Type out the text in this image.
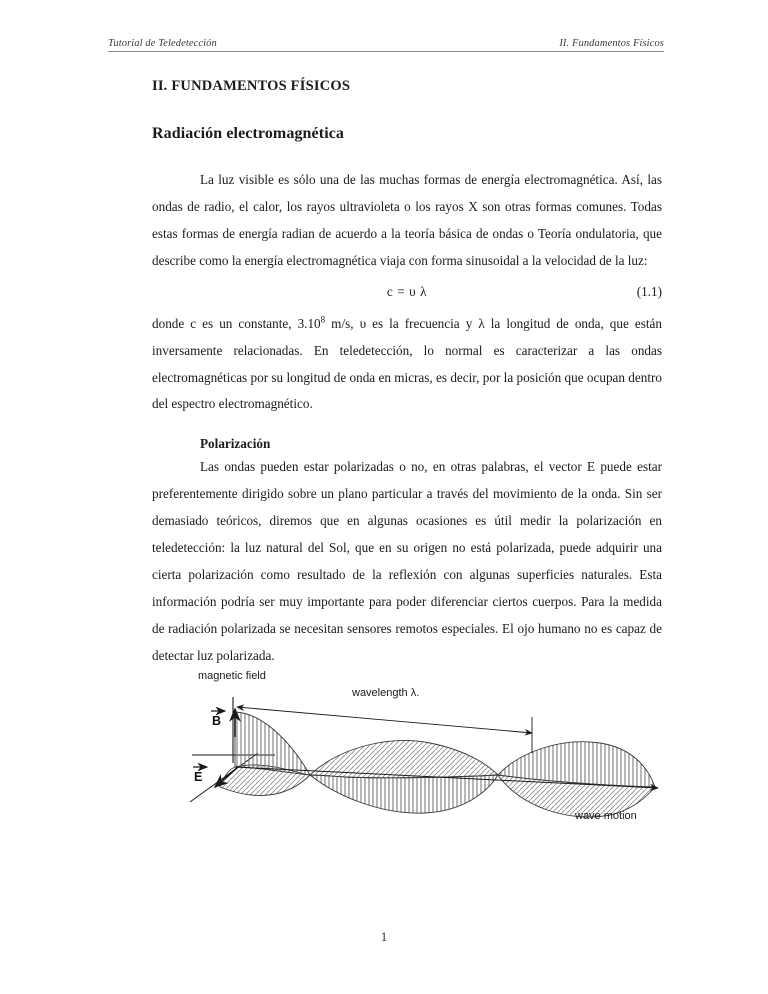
Tutorial de Teledetección	II. Fundamentos Físicos
II. FUNDAMENTOS FÍSICOS
Radiación electromagnética

La luz visible es sólo una de las muchas formas de energía electromagnética. Así, las ondas de radio, el calor, los rayos ultravioleta o los rayos X son otras formas comunes. Todas estas formas de energía radian de acuerdo a la teoría básica de ondas o Teoría ondulatoria, que describe como la energía electromagnética viaja con forma sinusoidal a la velocidad de la luz:

c = υ λ	(1.1)

donde c es un constante, 3.10$^8$ m/s, υ es la frecuencia y λ la longitud de onda, que están inversamente relacionadas. En teledetección, lo normal es caracterizar a las ondas electromagnéticas por su longitud de onda en micras, es decir, por la posición que ocupan dentro del espectro electromagnético.

Polarización

Las ondas pueden estar polarizadas o no, en otras palabras, el vector E puede estar preferentemente dirigido sobre un plano particular a través del movimiento de la onda. Sin ser demasiado teóricos, diremos que en algunas ocasiones es útil medir la polarización en teledetección: la luz natural del Sol, que en su origen no está polarizada, puede adquirir una cierta polarización como resultado de la reflexión con algunas superficies naturales. Esta información podría ser muy importante para poder diferenciar ciertos cuerpos. Para la medida de radiación polarizada se necesitan sensores remotos especiales. El ojo humano no es capaz de detectar luz polarizada.

magnetic field
wavelength λ.
wave motion
B
E
1
